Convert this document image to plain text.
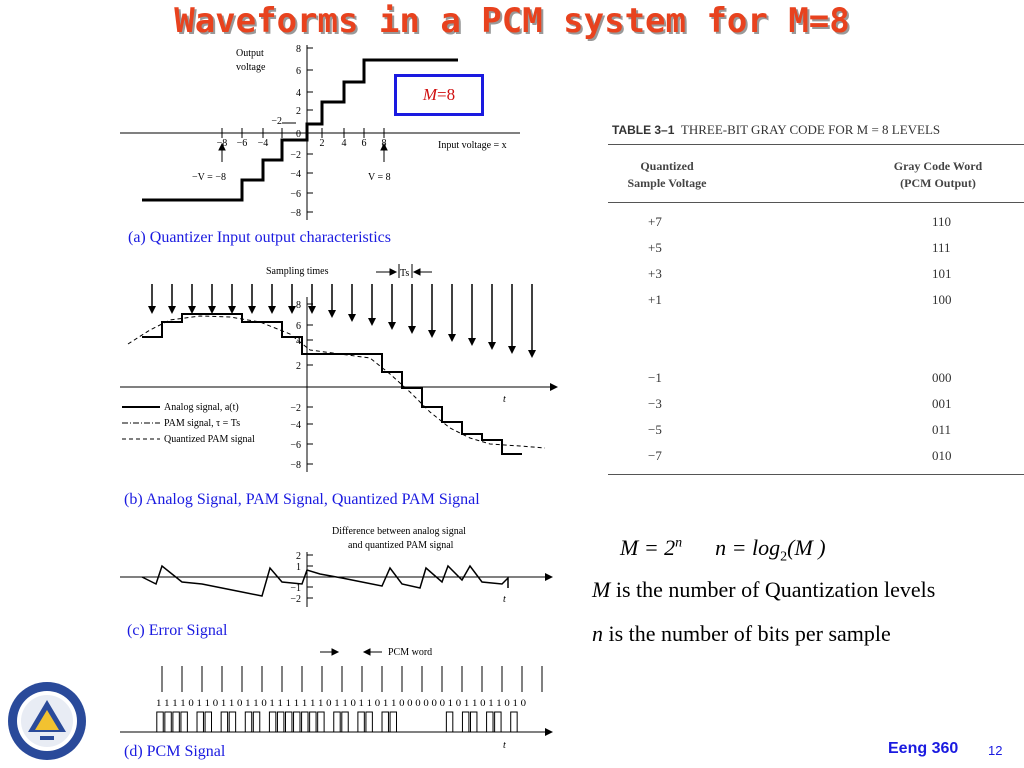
Waveforms in a PCM system for M=8
Output
voltage
Input voltage = x
−V = −8	V = 8
8
6
4
2
0
−2
−4
−6
−8
−8 −6 −4
−2
2 4 6 8
M=8
(a) Quantizer Input output characteristics
Sampling times	Ts
8
6
4
2
−2
−4
−6
−8
Analog signal, a(t)
PAM signal, τ = Ts
Quantized PAM signal
t
(b) Analog Signal, PAM Signal, Quantized PAM Signal
Difference between analog signal
and quantized PAM signal
2
1
−1
−2	t
(c) Error Signal
PCM word
1 1 1 1 0 1 1 0 1 1 0 1 1 0 1 1 1 1 1 1 1 0 1 1 0 1 1 0 1 1 0 0 0 0 0 0 1 0 1 1 0 1 1 0 1 0
t
(d) PCM Signal
TABLE 3–1 THREE-BIT GRAY CODE FOR M = 8 LEVELS
Quantized
Sample Voltage
Gray Code Word
(PCM Output)
+7	110
+5	111
+3	101
+1	100
−1	000
−3	001
−5	011
−7	010
$M = 2^n$ $n = \log_2(M$ )
M is the number of Quantization levels
n is the number of bits per sample
Eeng 360 12
